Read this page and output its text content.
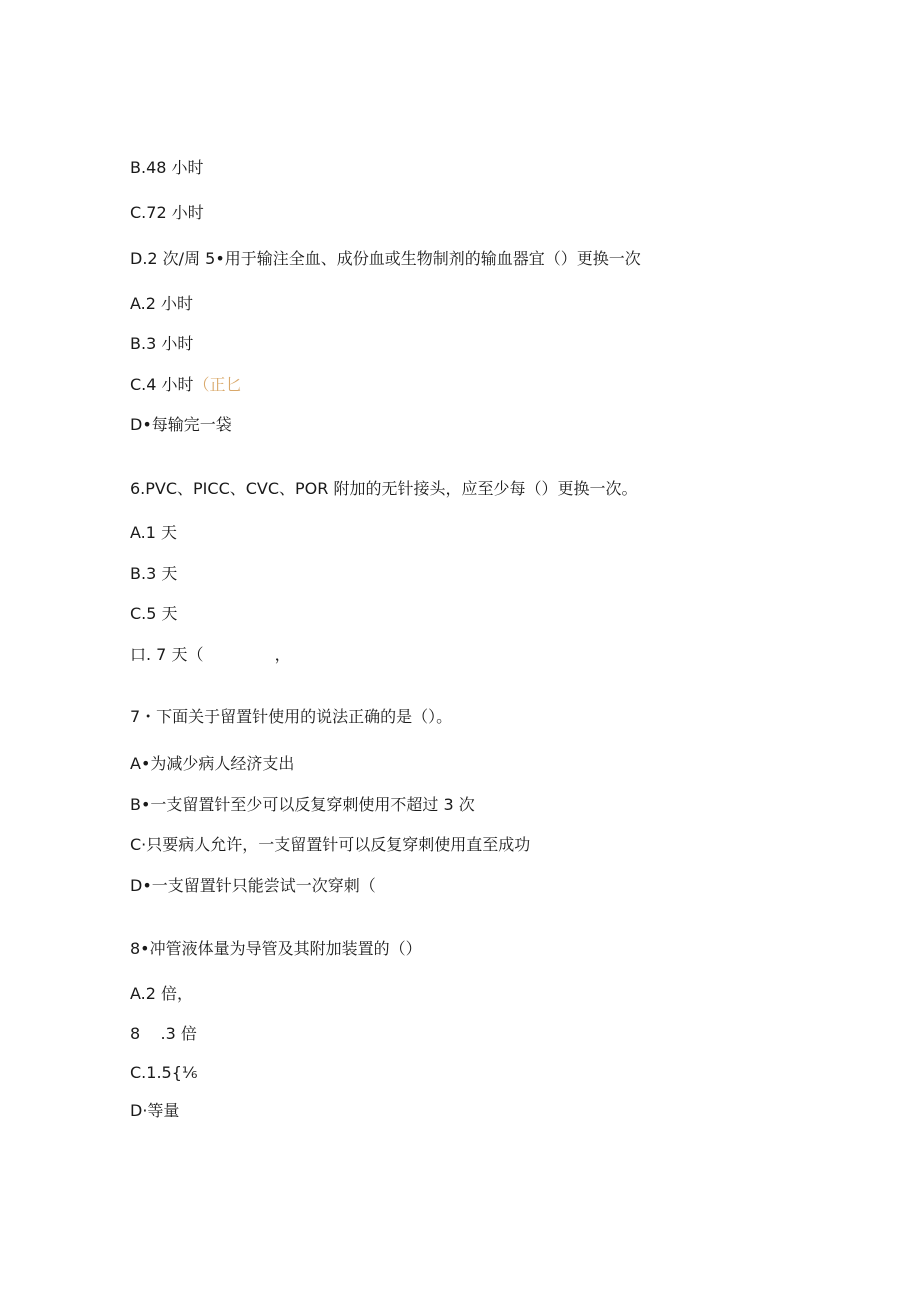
B.48 小时
C.72 小时
D.2 次/周 5•用于输注全血、成份血或生物制剂的输血器宜（）更换一次
A.2 小时
B.3 小时
C.4 小时（正匕
D•每输完一袋
6.PVC、PICC、CVC、POR 附加的无针接头，应至少每（）更换一次。
A.1 天
B.3 天
C.5 天
口. 7 天（              ，
7・下面关于留置针使用的说法正确的是（）。
A•为减少病人经济支出
B•一支留置针至少可以反复穿刺使用不超过 3 次
C·只要病人允许，一支留置针可以反复穿刺使用直至成功
D•一支留置针只能尝试一次穿刺（
8•冲管液体量为导管及其附加装置的（）
A.2 倍，
8    .3 倍
C.1.5{⅙
D·等量
